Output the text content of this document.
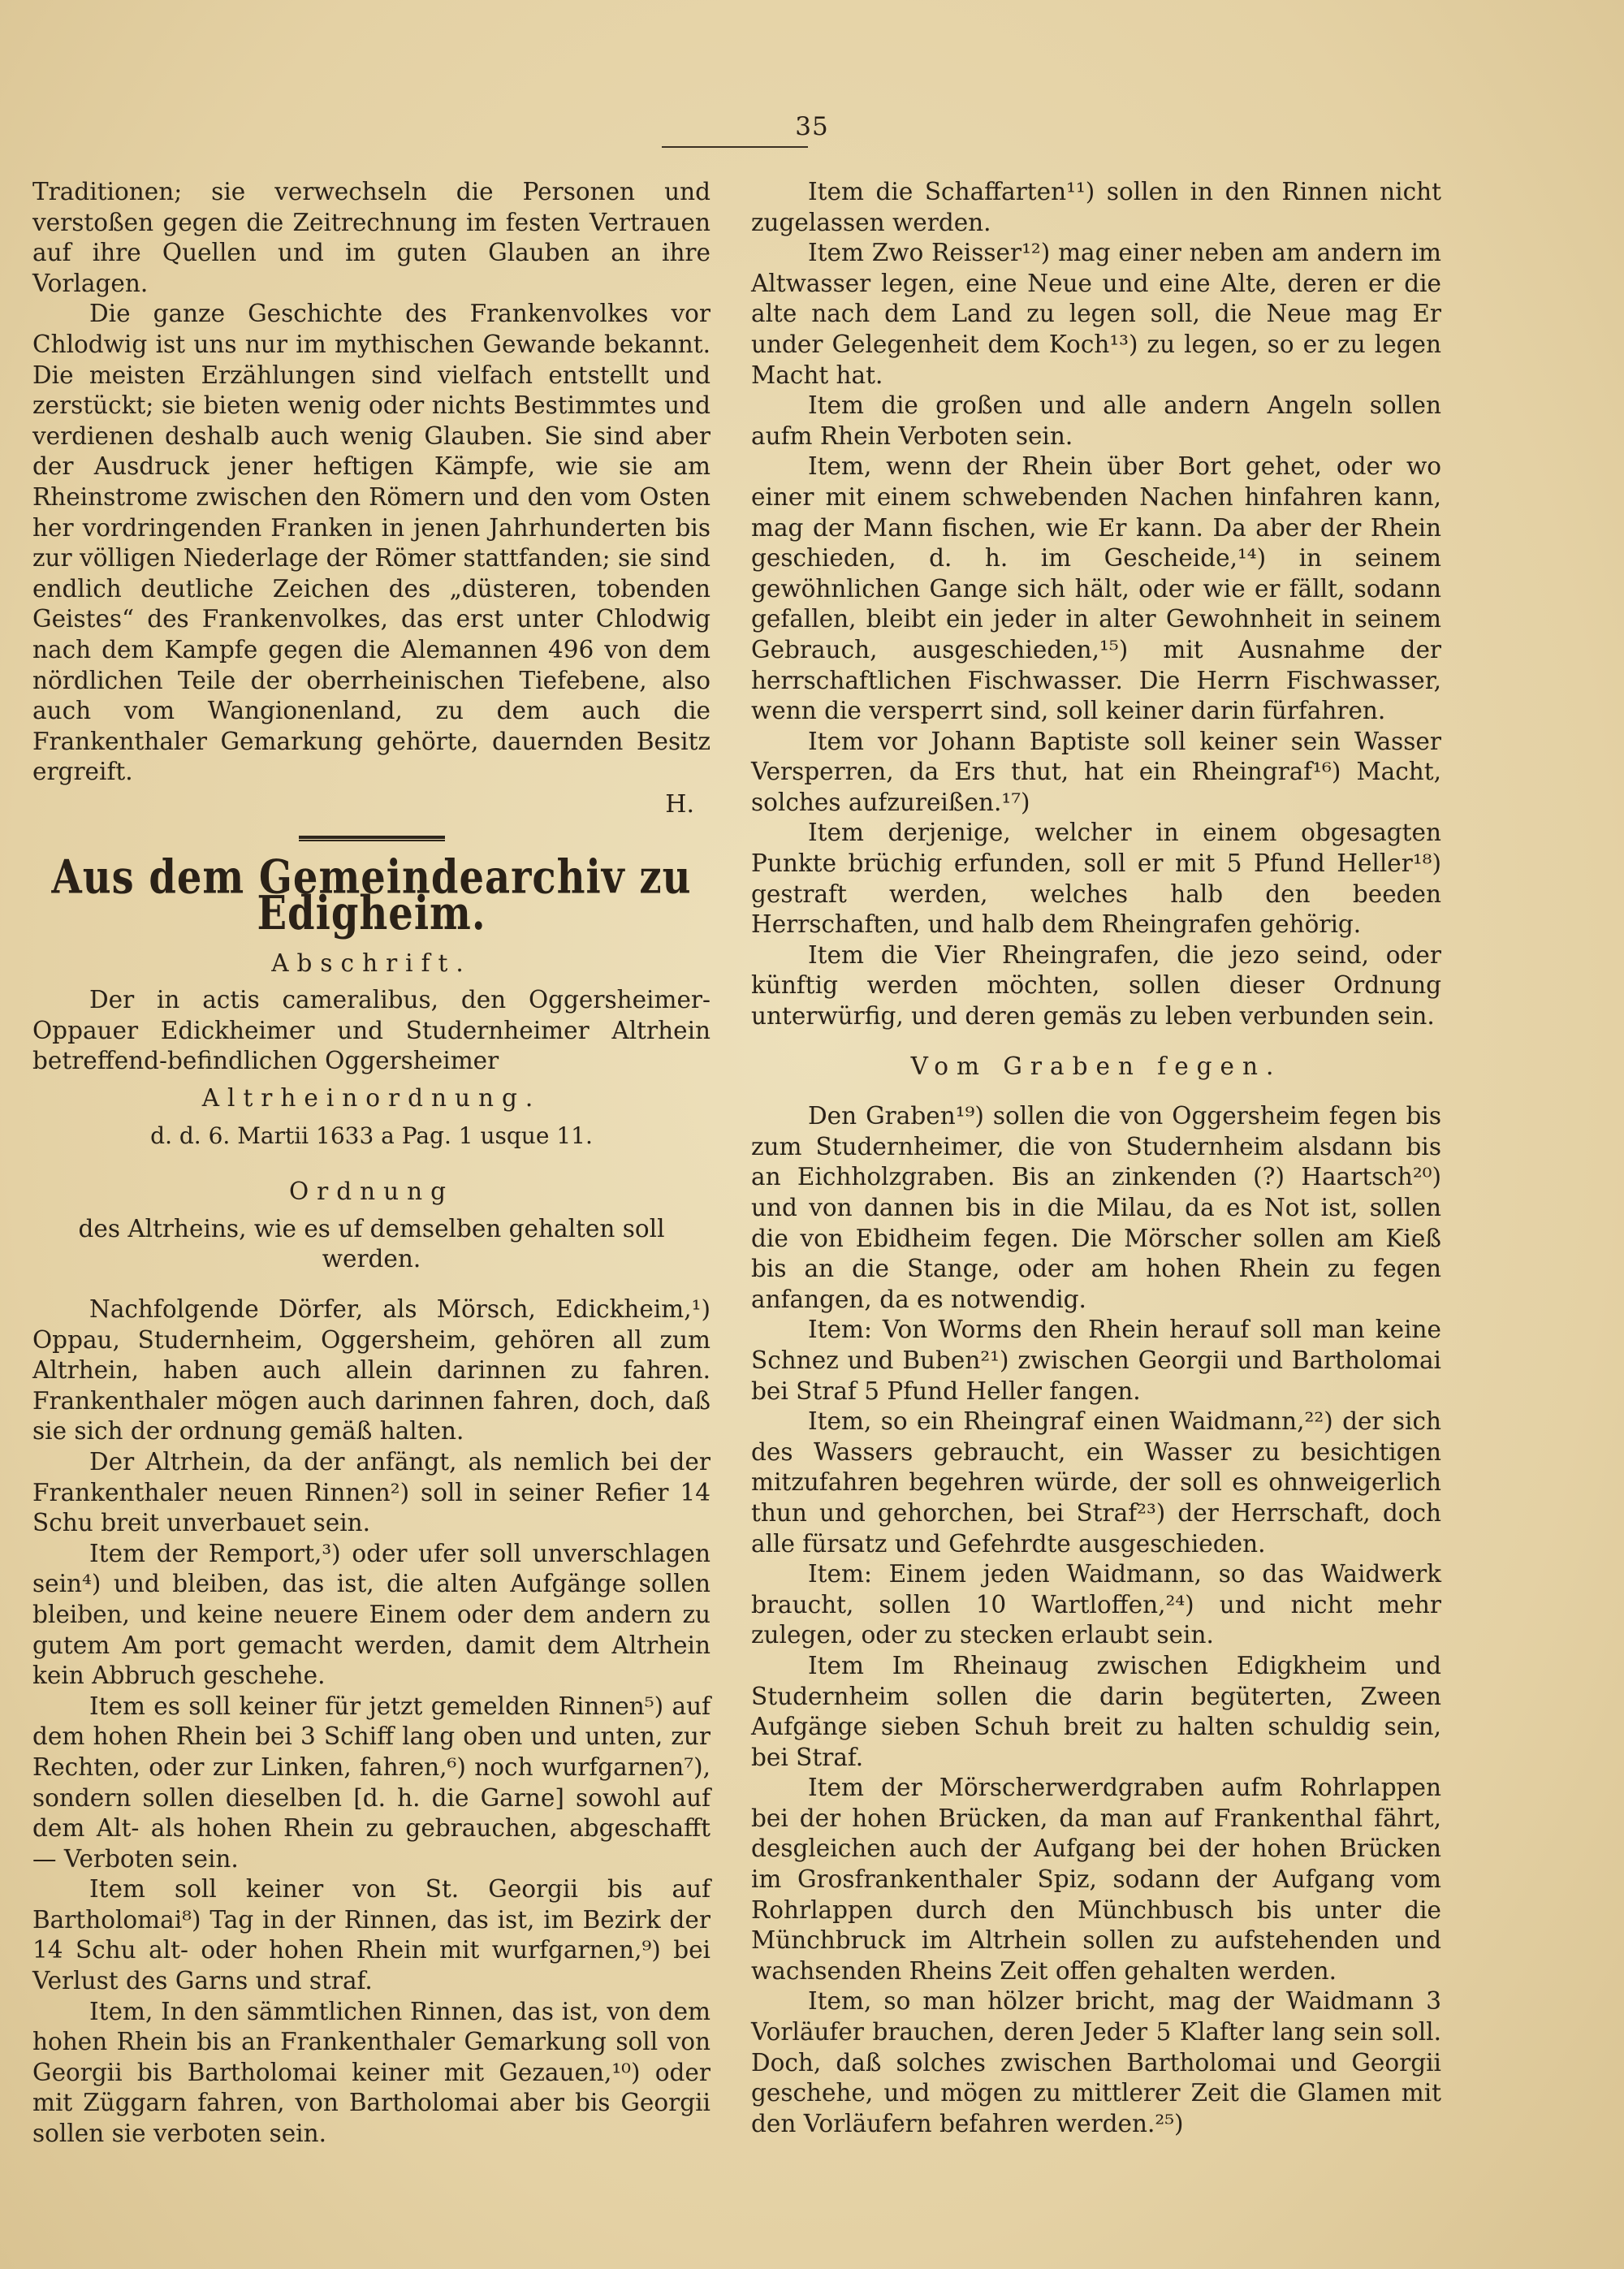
35

Traditionen; sie verwechseln die Personen und verstoßen gegen die Zeitrechnung im festen Vertrauen auf ihre Quellen und im guten Glauben an ihre Vorlagen.

Die ganze Geschichte des Frankenvolkes vor Chlodwig ist uns nur im mythischen Gewande bekannt. Die meisten Erzählungen sind vielfach entstellt und zerstückt; sie bieten wenig oder nichts Bestimmtes und verdienen deshalb auch wenig Glauben. Sie sind aber der Ausdruck jener heftigen Kämpfe, wie sie am Rheinstrome zwischen den Römern und den vom Osten her vordringenden Franken in jenen Jahrhunderten bis zur völligen Niederlage der Römer stattfanden; sie sind endlich deutliche Zeichen des „düsteren, tobenden Geistes“ des Frankenvolkes, das erst unter Chlodwig nach dem Kampfe gegen die Alemannen 496 von dem nördlichen Teile der oberrheinischen Tiefebene, also auch vom Wangionenland, zu dem auch die Frankenthaler Gemarkung gehörte, dauernden Besitz ergreift.

H.
Aus dem Gemeindearchiv zu Edigheim.
Abschrift.

Der in actis cameralibus, den Oggersheimer-Oppauer Edickheimer und Studernheimer Altrhein betreffend-befindlichen Oggersheimer

Altrheinordnung.
d. d. 6. Martii 1633 a Pag. 1 usque 11.
Ordnung
des Altrheins, wie es uf demselben gehalten soll werden.

Nachfolgende Dörfer, als Mörsch, Edickheim,¹) Oppau, Studernheim, Oggersheim, gehören all zum Altrhein, haben auch allein darinnen zu fahren. Frankenthaler mögen auch darinnen fahren, doch, daß sie sich der ordnung gemäß halten.

Der Altrhein, da der anfängt, als nemlich bei der Frankenthaler neuen Rinnen²) soll in seiner Refier 14 Schu breit unverbauet sein.

Item der Remport,³) oder ufer soll unverschlagen sein⁴) und bleiben, das ist, die alten Aufgänge sollen bleiben, und keine neuere Einem oder dem andern zu gutem Am port gemacht werden, damit dem Altrhein kein Abbruch geschehe.

Item es soll keiner für jetzt gemelden Rinnen⁵) auf dem hohen Rhein bei 3 Schiff lang oben und unten, zur Rechten, oder zur Linken, fahren,⁶) noch wurfgarnen⁷), sondern sollen dieselben [d. h. die Garne] sowohl auf dem Alt- als hohen Rhein zu gebrauchen, abgeschafft — Verboten sein.

Item soll keiner von St. Georgii bis auf Bartholomai⁸) Tag in der Rinnen, das ist, im Bezirk der 14 Schu alt- oder hohen Rhein mit wurfgarnen,⁹) bei Verlust des Garns und straf.

Item, In den sämmtlichen Rinnen, das ist, von dem hohen Rhein bis an Frankenthaler Gemarkung soll von Georgii bis Bartholomai keiner mit Gezauen,¹⁰) oder mit Züggarn fahren, von Bartholomai aber bis Georgii sollen sie verboten sein.

Item die Schaffarten¹¹) sollen in den Rinnen nicht zugelassen werden.

Item Zwo Reisser¹²) mag einer neben am andern im Altwasser legen, eine Neue und eine Alte, deren er die alte nach dem Land zu legen soll, die Neue mag Er under Gelegenheit dem Koch¹³) zu legen, so er zu legen Macht hat.

Item die großen und alle andern Angeln sollen aufm Rhein Verboten sein.

Item, wenn der Rhein über Bort gehet, oder wo einer mit einem schwebenden Nachen hinfahren kann, mag der Mann fischen, wie Er kann. Da aber der Rhein geschieden, d. h. im Gescheide,¹⁴) in seinem gewöhnlichen Gange sich hält, oder wie er fällt, sodann gefallen, bleibt ein jeder in alter Gewohnheit in seinem Gebrauch, ausgeschieden,¹⁵) mit Ausnahme der herrschaftlichen Fischwasser. Die Herrn Fischwasser, wenn die versperrt sind, soll keiner darin fürfahren.

Item vor Johann Baptiste soll keiner sein Wasser Versperren, da Ers thut, hat ein Rheingraf¹⁶) Macht, solches aufzureißen.¹⁷)

Item derjenige, welcher in einem obgesagten Punkte brüchig erfunden, soll er mit 5 Pfund Heller¹⁸) gestraft werden, welches halb den beeden Herrschaften, und halb dem Rheingrafen gehörig.

Item die Vier Rheingrafen, die jezo seind, oder künftig werden möchten, sollen dieser Ordnung unterwürfig, und deren gemäs zu leben verbunden sein.

Vom Graben fegen.

Den Graben¹⁹) sollen die von Oggersheim fegen bis zum Studernheimer, die von Studernheim alsdann bis an Eichholzgraben. Bis an zinkenden (?) Haartsch²⁰) und von dannen bis in die Milau, da es Not ist, sollen die von Ebidheim fegen. Die Mörscher sollen am Kieß bis an die Stange, oder am hohen Rhein zu fegen anfangen, da es notwendig.

Item: Von Worms den Rhein herauf soll man keine Schnez und Buben²¹) zwischen Georgii und Bartholomai bei Straf 5 Pfund Heller fangen.

Item, so ein Rheingraf einen Waidmann,²²) der sich des Wassers gebraucht, ein Wasser zu besichtigen mitzufahren begehren würde, der soll es ohnweigerlich thun und gehorchen, bei Straf²³) der Herrschaft, doch alle fürsatz und Gefehrdte ausgeschieden.

Item: Einem jeden Waidmann, so das Waidwerk braucht, sollen 10 Wartloffen,²⁴) und nicht mehr zulegen, oder zu stecken erlaubt sein.

Item Im Rheinaug zwischen Edigkheim und Studernheim sollen die darin begüterten, Zween Aufgänge sieben Schuh breit zu halten schuldig sein, bei Straf.

Item der Mörscherwerdgraben aufm Rohrlappen bei der hohen Brücken, da man auf Frankenthal fährt, desgleichen auch der Aufgang bei der hohen Brücken im Grosfrankenthaler Spiz, sodann der Aufgang vom Rohrlappen durch den Münchbusch bis unter die Münchbruck im Altrhein sollen zu aufstehenden und wachsenden Rheins Zeit offen gehalten werden.

Item, so man hölzer bricht, mag der Waidmann 3 Vorläufer brauchen, deren Jeder 5 Klafter lang sein soll. Doch, daß solches zwischen Bartholomai und Georgii geschehe, und mögen zu mittlerer Zeit die Glamen mit den Vorläufern befahren werden.²⁵)
